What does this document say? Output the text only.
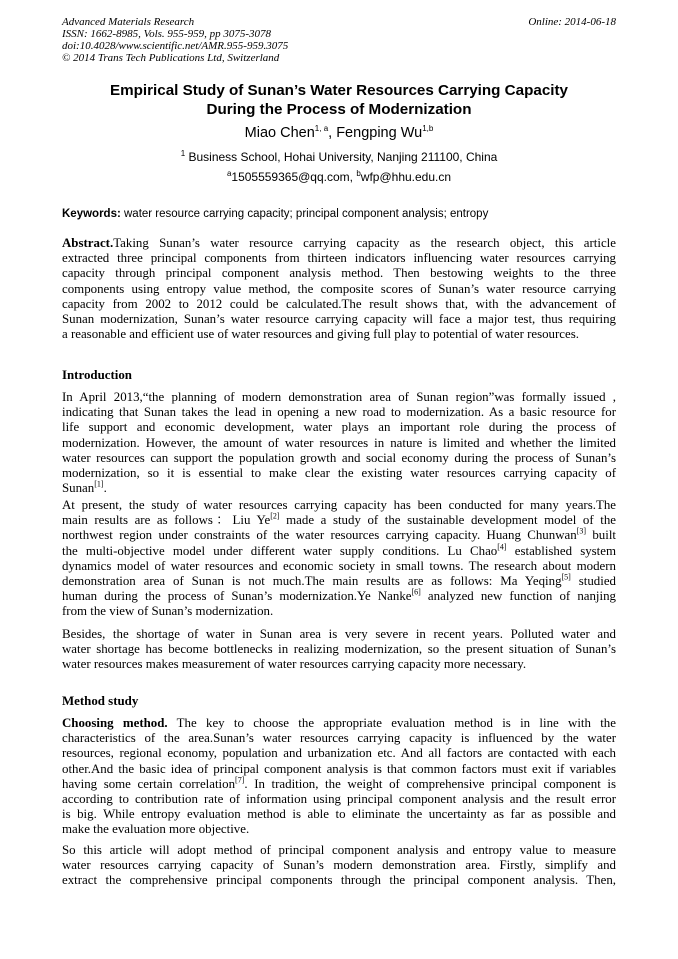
Advanced Materials Research
ISSN: 1662-8985, Vols. 955-959, pp 3075-3078
doi:10.4028/www.scientific.net/AMR.955-959.3075
© 2014 Trans Tech Publications Ltd, Switzerland
Online: 2014-06-18
Empirical Study of Sunan’s Water Resources Carrying Capacity
During the Process of Modernization
Miao Chen$^{1, a}$, Fengping Wu$^{1,b}$
$^1$ Business School, Hohai University, Nanjing 211100, China
$^a$1505559365@qq.com, $^b$wfp@hhu.edu.cn
Keywords: water resource carrying capacity; principal component analysis; entropy
Abstract.Taking Sunan’s water resource carrying capacity as the research object, this article
extracted three principal components from thirteen indicators influencing water resources carrying
capacity through principal component analysis method. Then bestowing weights to the three
components using entropy value method, the composite scores of Sunan’s water resource carrying
capacity from 2002 to 2012 could be calculated.The result shows that, with the advancement of
Sunan modernization, Sunan’s water resource carrying capacity will face a major test, thus requiring
a reasonable and efficient use of water resources and giving full play to potential of water resources.
Introduction
In April 2013,“the planning of modern demonstration area of Sunan region”was formally issued ,
indicating that Sunan takes the lead in opening a new road to modernization. As a basic resource for
life support and economic development, water plays an important role during the process of
modernization. However, the amount of water resources in nature is limited and whether the limited
water resources can support the population growth and social economy during the process of Sunan’s
modernization, so it is essential to make clear the existing water resources carrying capacity of
Sunan[1].
At present, the study of water resources carrying capacity has been conducted for many years.The
main results are as follows：Liu Ye[2] made a study of the sustainable development model of the
northwest region under constraints of the water resources carrying capacity. Huang Chunwan[3] built
the multi-objective model under different water supply conditions. Lu Chao[4] established system
dynamics model of water resources and economic society in small towns. The research about modern
demonstration area of Sunan is not much.The main results are as follows: Ma Yeqing[5] studied
human during the process of Sunan’s modernization.Ye Nanke[6] analyzed new function of nanjing
from the view of Sunan’s modernization.
Besides, the shortage of water in Sunan area is very severe in recent years. Polluted water and
water shortage has become bottlenecks in realizing modernization, so the present situation of Sunan’s
water resources makes measurement of water resources carrying capacity more necessary.
Method study
Choosing method. The key to choose the appropriate evaluation method is in line with the
characteristics of the area.Sunan’s water resources carrying capacity is influenced by the water
resources, regional economy, population and urbanization etc. And all factors are contacted with each
other.And the basic idea of principal component analysis is that common factors must exit if variables
having some certain correlation[7]. In tradition, the weight of comprehensive principal component is
according to contribution rate of information using principal component analysis and the result error
is big. While entropy evaluation method is able to eliminate the uncertainty as far as possible and
make the evaluation more objective.
So this article will adopt method of principal component analysis and entropy value to measure
water resources carrying capacity of Sunan’s modern demonstration area. Firstly, simplify and
extract the comprehensive principal components through the principal component analysis. Then,
